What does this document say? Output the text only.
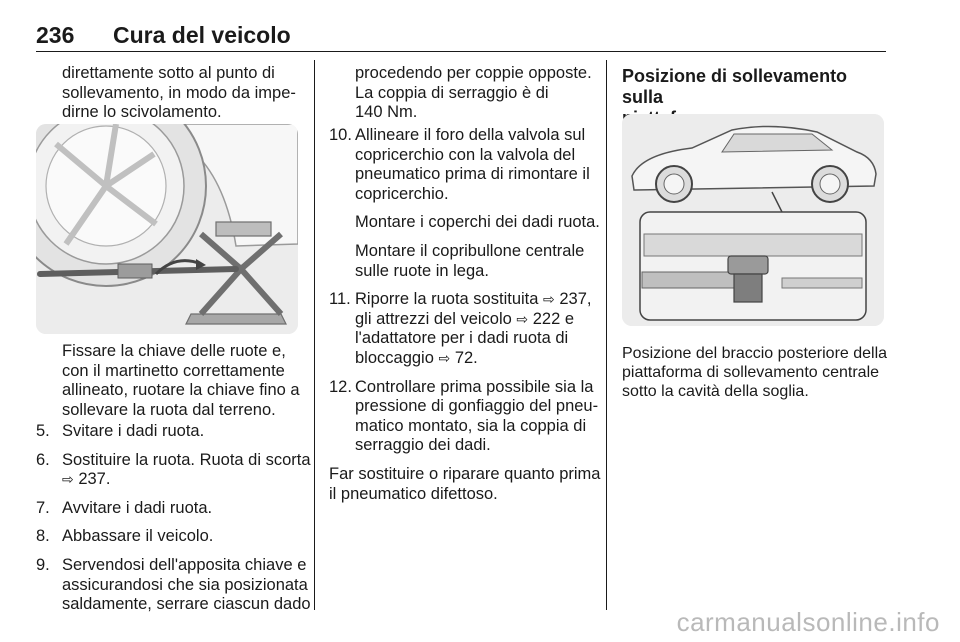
236 Cura del veicolo

direttamente sotto al punto di

sollevamento, in modo da impe-

dirne lo scivolamento.

Fissare la chiave delle ruote e,

con il martinetto correttamente

allineato, ruotare la chiave fino a

sollevare la ruota dal terreno.

5. Svitare i dadi ruota.

6. Sostituire la ruota. Ruota di scorta

⇨ 237.

7. Avvitare i dadi ruota.

8. Abbassare il veicolo.

9. Servendosi dell'apposita chiave e

assicurandosi che sia posizionata

saldamente, serrare ciascun dado

procedendo per coppie opposte.

La coppia di serraggio è di

140 Nm.

10. Allineare il foro della valvola sul

copricerchio con la valvola del

pneumatico prima di rimontare il

copricerchio.

Montare i coperchi dei dadi ruota.

Montare il copribullone centrale

sulle ruote in lega.

11. Riporre la ruota sostituita ⇨ 237,

gli attrezzi del veicolo ⇨ 222 e

l'adattatore per i dadi ruota di

bloccaggio ⇨ 72.

12. Controllare prima possibile sia la

pressione di gonfiaggio del pneu-

matico montato, sia la coppia di

serraggio dei dadi.

Far sostituire o riparare quanto prima

il pneumatico difettoso.

Posizione di sollevamento sulla

Posizione del braccio posteriore della

piattaforma di sollevamento centrale

sotto la cavità della soglia.

carmanualsonline.info
